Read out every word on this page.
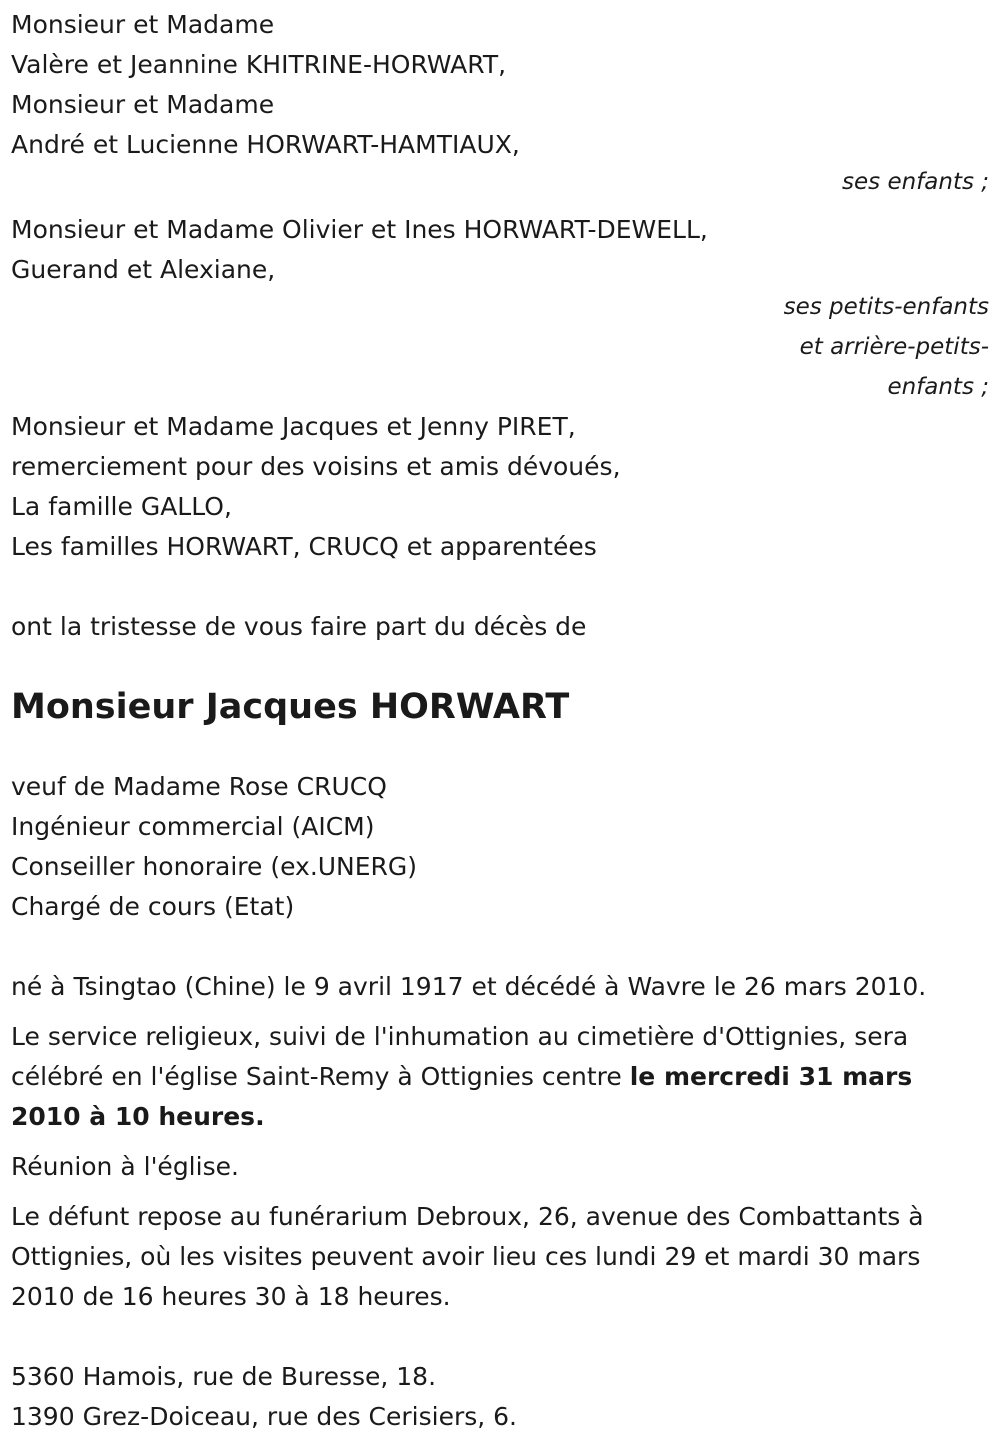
Monsieur et Madame

Valère et Jeannine KHITRINE-HORWART,

Monsieur et Madame

André et Lucienne HORWART-HAMTIAUX,

ses enfants ;

Monsieur et Madame Olivier et Ines HORWART-DEWELL,

Guerand et Alexiane,

ses petits-enfants

et arrière-petits-

enfants ;

Monsieur et Madame Jacques et Jenny PIRET,

remerciement pour des voisins et amis dévoués,

La famille GALLO,

Les familles HORWART, CRUCQ et apparentées

ont la tristesse de vous faire part du décès de

Monsieur Jacques HORWART

veuf de Madame Rose CRUCQ

Ingénieur commercial (AICM)

Conseiller honoraire (ex.UNERG)

Chargé de cours (Etat)

né à Tsingtao (Chine) le 9 avril 1917 et décédé à Wavre le 26 mars 2010.

Le service religieux, suivi de l'inhumation au cimetière d'Ottignies, sera célébré en l'église Saint-Remy à Ottignies centre le mercredi 31 mars 2010 à 10 heures.

Réunion à l'église.

Le défunt repose au funérarium Debroux, 26, avenue des Combattants à Ottignies, où les visites peuvent avoir lieu ces lundi 29 et mardi 30 mars 2010 de 16 heures 30 à 18 heures.

5360 Hamois, rue de Buresse, 18.

1390 Grez-Doiceau, rue des Cerisiers, 6.
